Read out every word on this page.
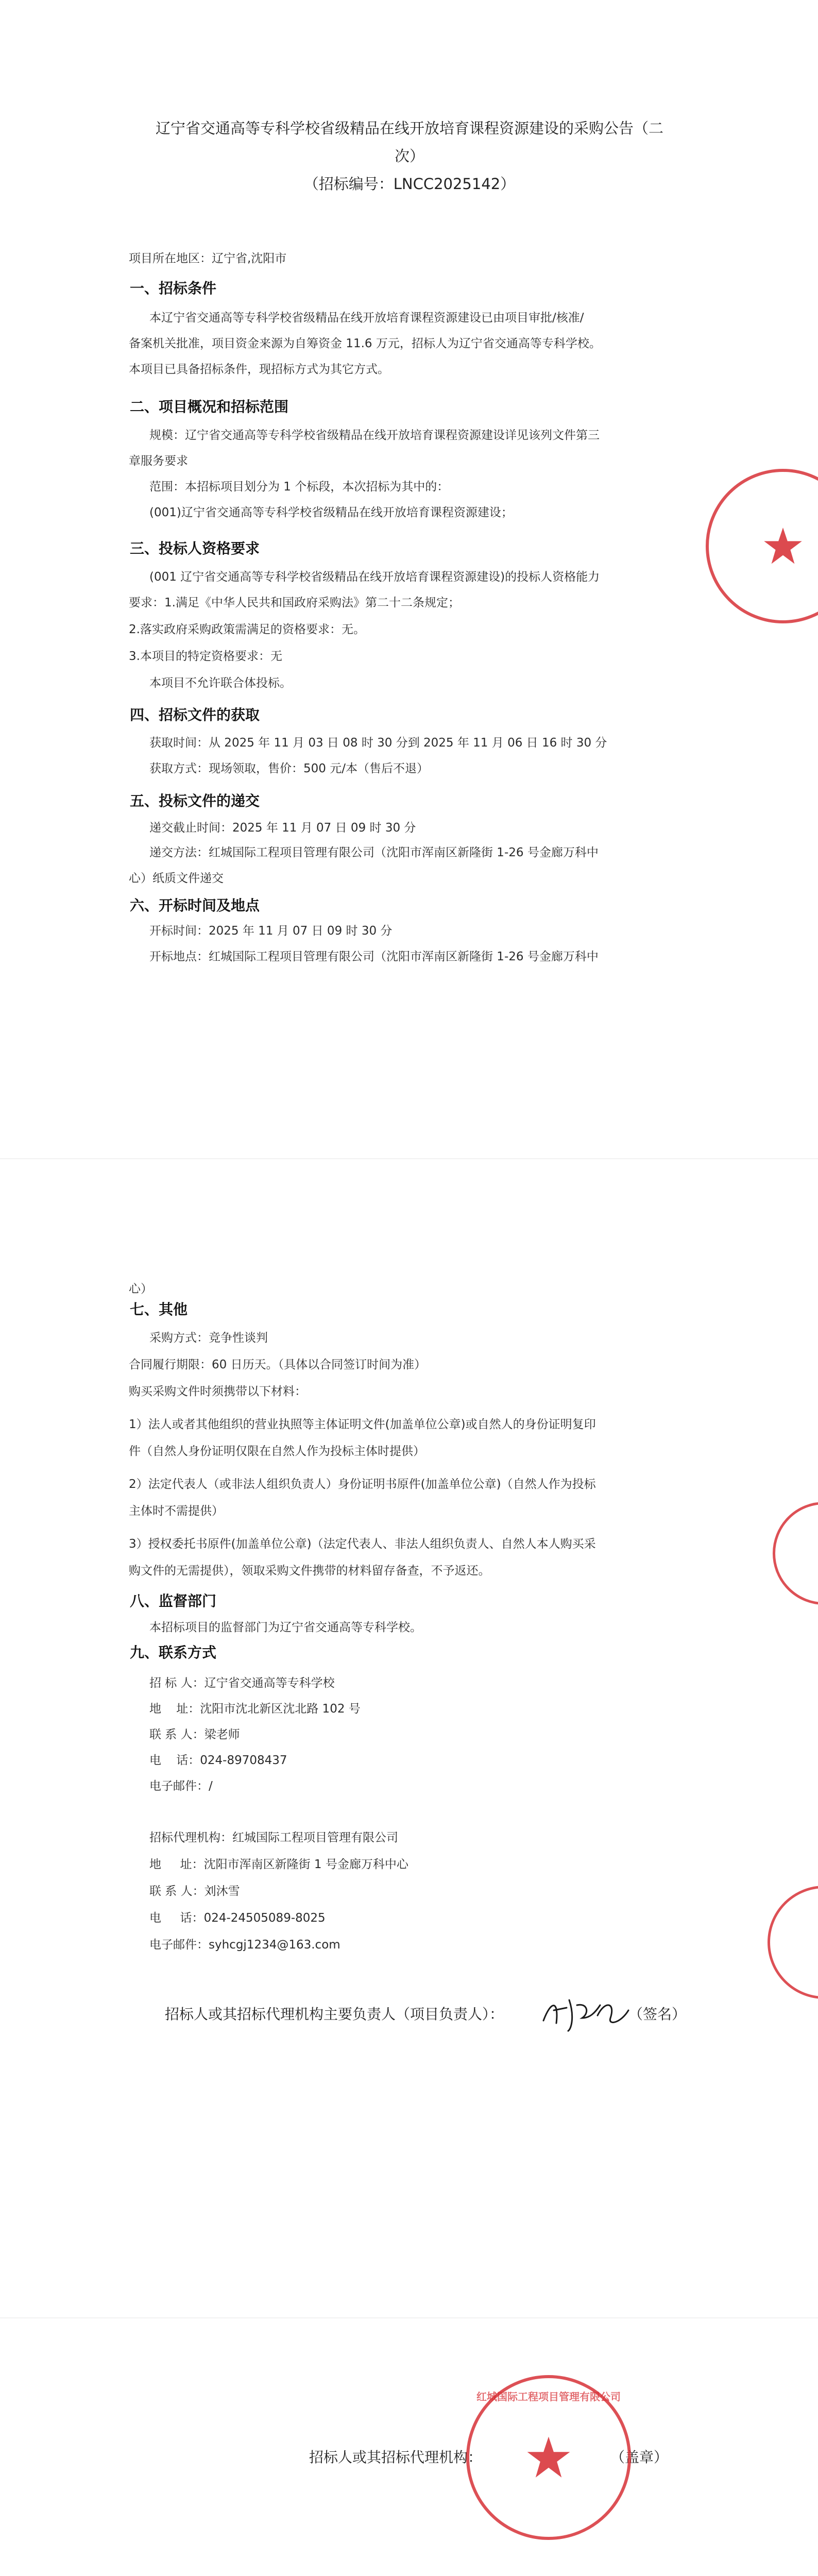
辽宁省交通高等专科学校省级精品在线开放培育课程资源建设的采购公告（二
次）
（招标编号：LNCC2025142）
项目所在地区：辽宁省,沈阳市
一、招标条件
本辽宁省交通高等专科学校省级精品在线开放培育课程资源建设已由项目审批/核准/
备案机关批准，项目资金来源为自筹资金 11.6 万元，招标人为辽宁省交通高等专科学校。
本项目已具备招标条件，现招标方式为其它方式。
二、项目概况和招标范围
规模：辽宁省交通高等专科学校省级精品在线开放培育课程资源建设详见该列文件第三
章服务要求
范围：本招标项目划分为 1 个标段，本次招标为其中的：
(001)辽宁省交通高等专科学校省级精品在线开放培育课程资源建设；
三、投标人资格要求
(001 辽宁省交通高等专科学校省级精品在线开放培育课程资源建设)的投标人资格能力
要求：1.满足《中华人民共和国政府采购法》第二十二条规定；
2.落实政府采购政策需满足的资格要求：无。
3.本项目的特定资格要求：无
本项目不允许联合体投标。
四、招标文件的获取
获取时间：从 2025 年 11 月 03 日 08 时 30 分到 2025 年 11 月 06 日 16 时 30 分
获取方式：现场领取，售价：500 元/本（售后不退）
五、投标文件的递交
递交截止时间：2025 年 11 月 07 日 09 时 30 分
递交方法：红城国际工程项目管理有限公司（沈阳市浑南区新隆街 1-26 号金廊万科中
心）纸质文件递交
六、开标时间及地点
开标时间：2025 年 11 月 07 日 09 时 30 分
开标地点：红城国际工程项目管理有限公司（沈阳市浑南区新隆街 1-26 号金廊万科中
心）
七、其他
采购方式：竞争性谈判
合同履行期限：60 日历天。（具体以合同签订时间为准）
购买采购文件时须携带以下材料：
1）法人或者其他组织的营业执照等主体证明文件(加盖单位公章)或自然人的身份证明复印
件（自然人身份证明仅限在自然人作为投标主体时提供）
2）法定代表人（或非法人组织负责人）身份证明书原件(加盖单位公章)（自然人作为投标
主体时不需提供）
3）授权委托书原件(加盖单位公章)（法定代表人、非法人组织负责人、自然人本人购买采
购文件的无需提供），领取采购文件携带的材料留存备查，不予返还。
八、监督部门
本招标项目的监督部门为辽宁省交通高等专科学校。
九、联系方式
招 标 人：辽宁省交通高等专科学校
地    址：沈阳市沈北新区沈北路 102 号
联 系 人：梁老师
电    话：024-89708437
电子邮件：/
招标代理机构：红城国际工程项目管理有限公司
地     址：沈阳市浑南区新隆街 1 号金廊万科中心
联 系 人：刘沐雪
电     话：024-24505089-8025
电子邮件：syhcgj1234@163.com
招标人或其招标代理机构主要负责人（项目负责人）：	（签名）
招标人或其招标代理机构：	（盖章）
红城国际工程项目管理有限公司
